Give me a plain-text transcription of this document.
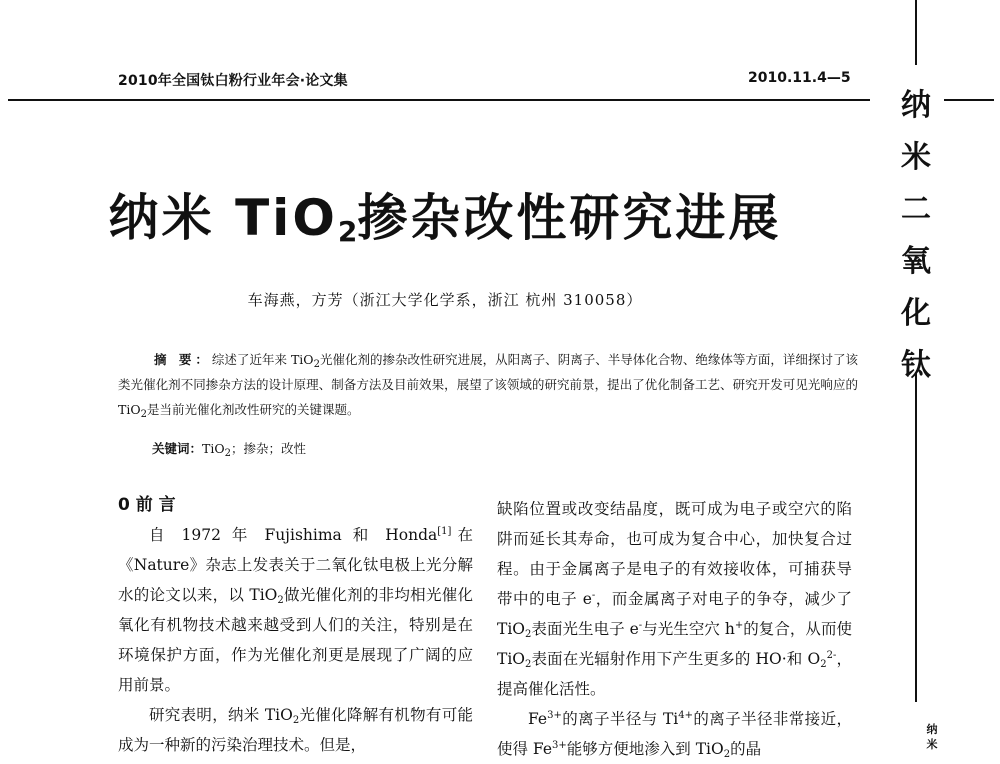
2010年全国钛白粉行业年会·论文集	2010.11.4—5
纳
米
二
氧
化
钛
纳
米
纳米 TiO$_2$掺杂改性研究进展
车海燕，方芳（浙江大学化学系，浙江 杭州 310058）

摘 要：综述了近年来 TiO$_2$光催化剂的掺杂改性研究进展，从阳离子、阴离子、半导体化合物、绝缘体等方面，详细探讨了该类光催化剂不同掺杂方法的设计原理、制备方法及目前效果，展望了该领域的研究前景，提出了优化制备工艺、研究开发可见光响应的 TiO$_2$是当前光催化剂改性研究的关键课题。

关键词：TiO$_2$；掺杂；改性
0 前 言

自 1972 年 Fujishima 和 Honda[1]在《Nature》杂志上发表关于二氧化钛电极上光分解水的论文以来，以 TiO$_2$做光催化剂的非均相光催化氧化有机物技术越来越受到人们的关注，特别是在环境保护方面，作为光催化剂更是展现了广阔的应用前景。

研究表明，纳米 TiO$_2$光催化降解有机物有可能成为一种新的污染治理技术。但是，

缺陷位置或改变结晶度，既可成为电子或空穴的陷阱而延长其寿命，也可成为复合中心，加快复合过程。由于金属离子是电子的有效接收体，可捕获导带中的电子 e-，而金属离子对电子的争夺，减少了 TiO$_2$表面光生电子 e-与光生空穴 h+的复合，从而使 TiO$_2$表面在光辐射作用下产生更多的 HO·和 $O_2^{2-}$，提高催化活性。

$Fe^{3+}$的离子半径与 $Ti^{4+}$的离子半径非常接近，使得 $Fe^{3+}$能够方便地渗入到 TiO$_2$的晶
